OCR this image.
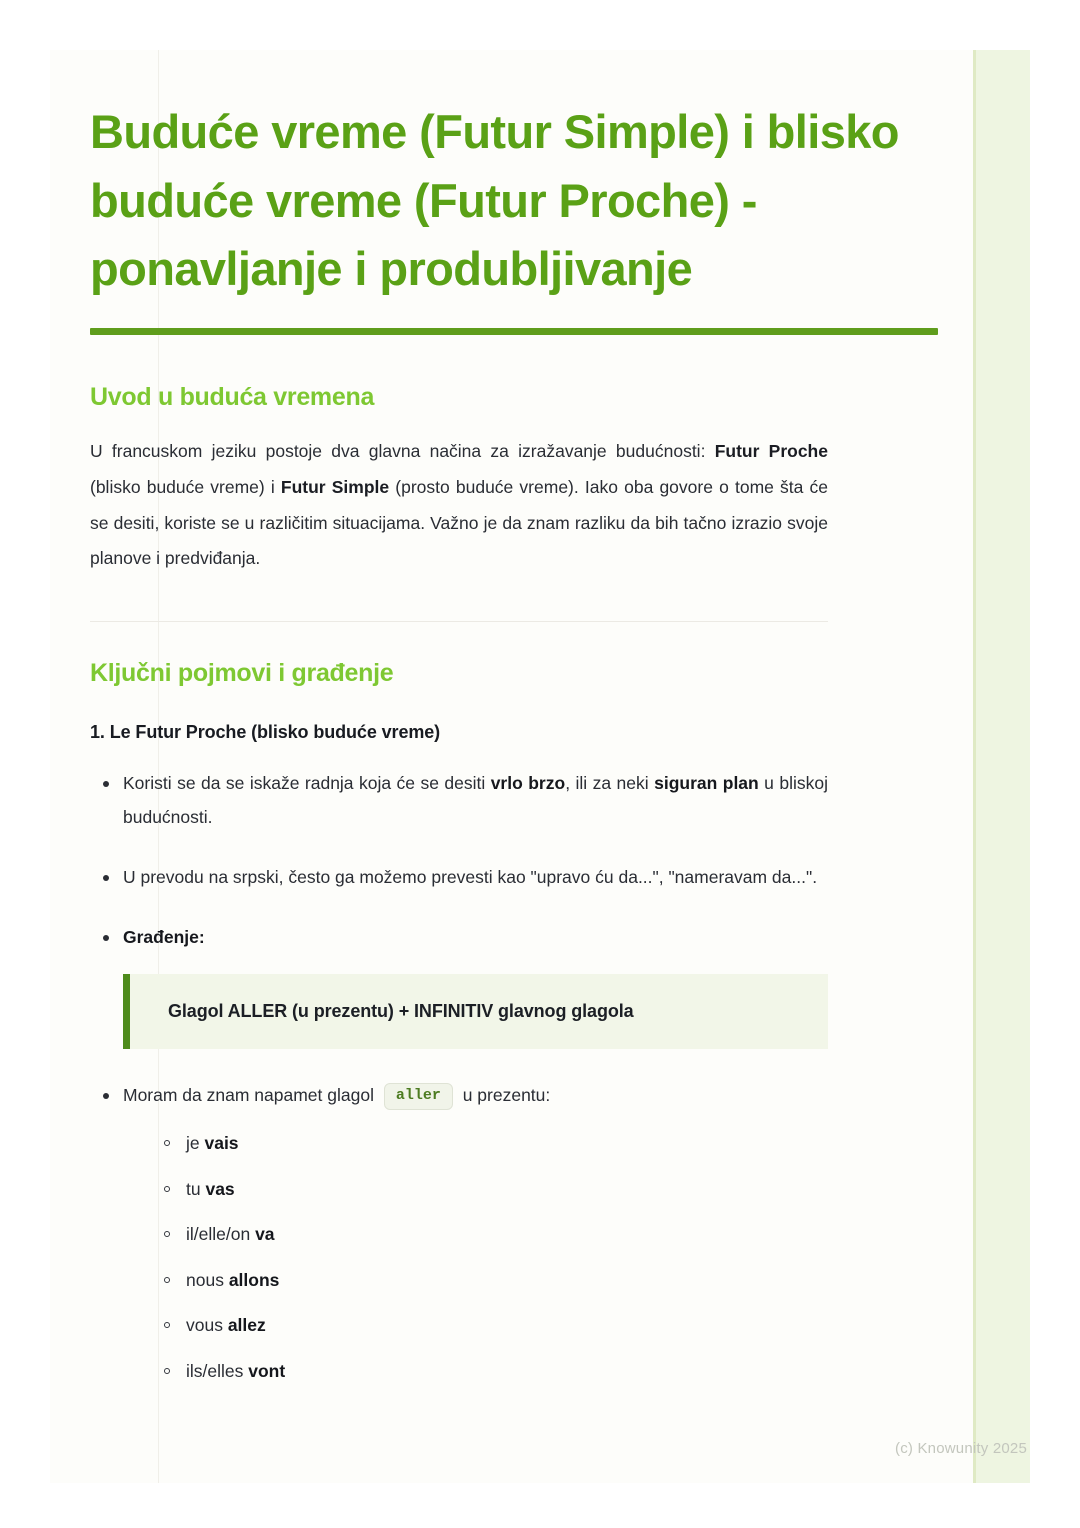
Buduće vreme (Futur Simple) i blisko buduće vreme (Futur Proche) - ponavljanje i produbljivanje
Uvod u buduća vremena

U francuskom jeziku postoje dva glavna načina za izražavanje budućnosti: Futur Proche (blisko buduće vreme) i Futur Simple (prosto buduće vreme). Iako oba govore o tome šta će se desiti, koriste se u različitim situacijama. Važno je da znam razliku da bih tačno izrazio svoje planove i predviđanja.

Ključni pojmovi i građenje
1. Le Futur Proche (blisko buduće vreme)
Koristi se da se iskaže radnja koja će se desiti vrlo brzo, ili za neki siguran plan u bliskoj budućnosti.
U prevodu na srpski, često ga možemo prevesti kao "upravo ću da...", "nameravam da...".
Građenje:

Glagol ALLER (u prezentu) + INFINITIV glavnog glagola

Moram da znam napamet glagol aller u prezentu:
je vais
tu vas
il/elle/on va
nous allons
vous allez
ils/elles vont
(c) Knowunity 2025
